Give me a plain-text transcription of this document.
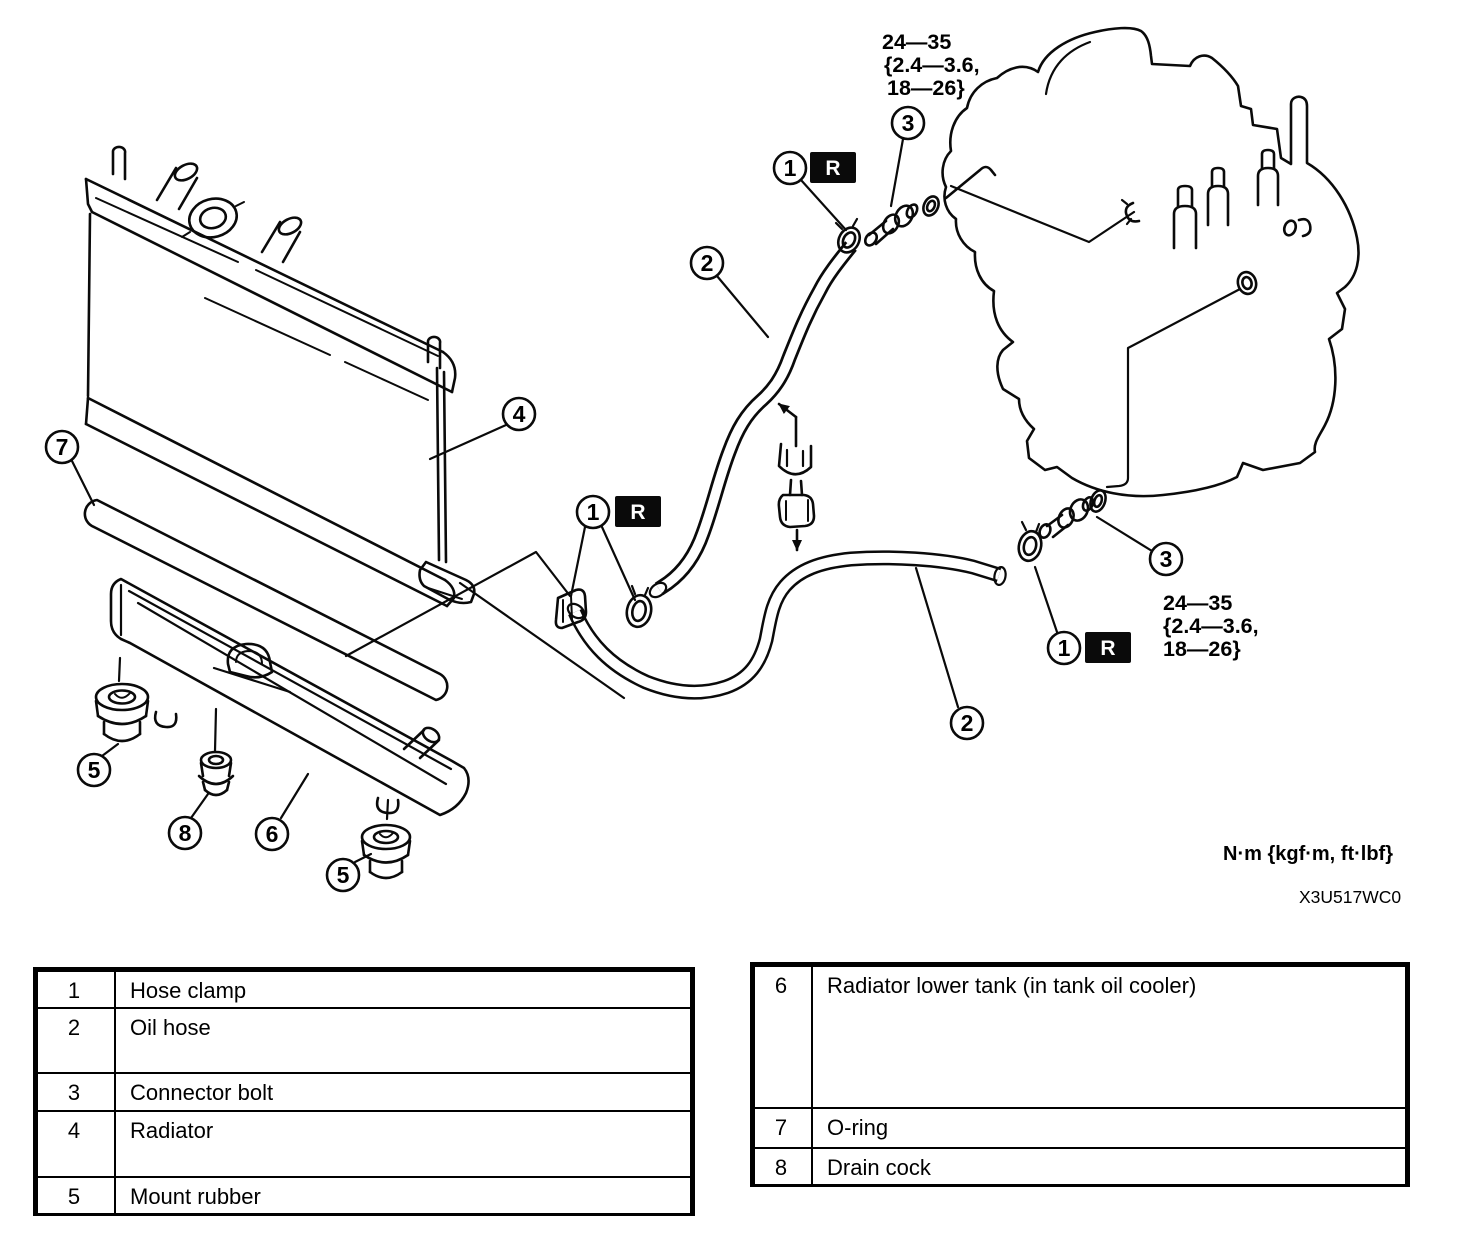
3
1
2
4
7
1
3
1
2
5
8	6
5
R
R
R
24—35
{2.4—3.6,
18—26}
24—35
{2.4—3.6,
18—26}
N·m {kgf·m, ft·lbf}
X3U517WC0
1	Hose clamp
2	Oil hose
3	Connector bolt
4	Radiator
5	Mount rubber
6	Radiator lower tank (in tank oil cooler)
7	O-ring
8	Drain cock
